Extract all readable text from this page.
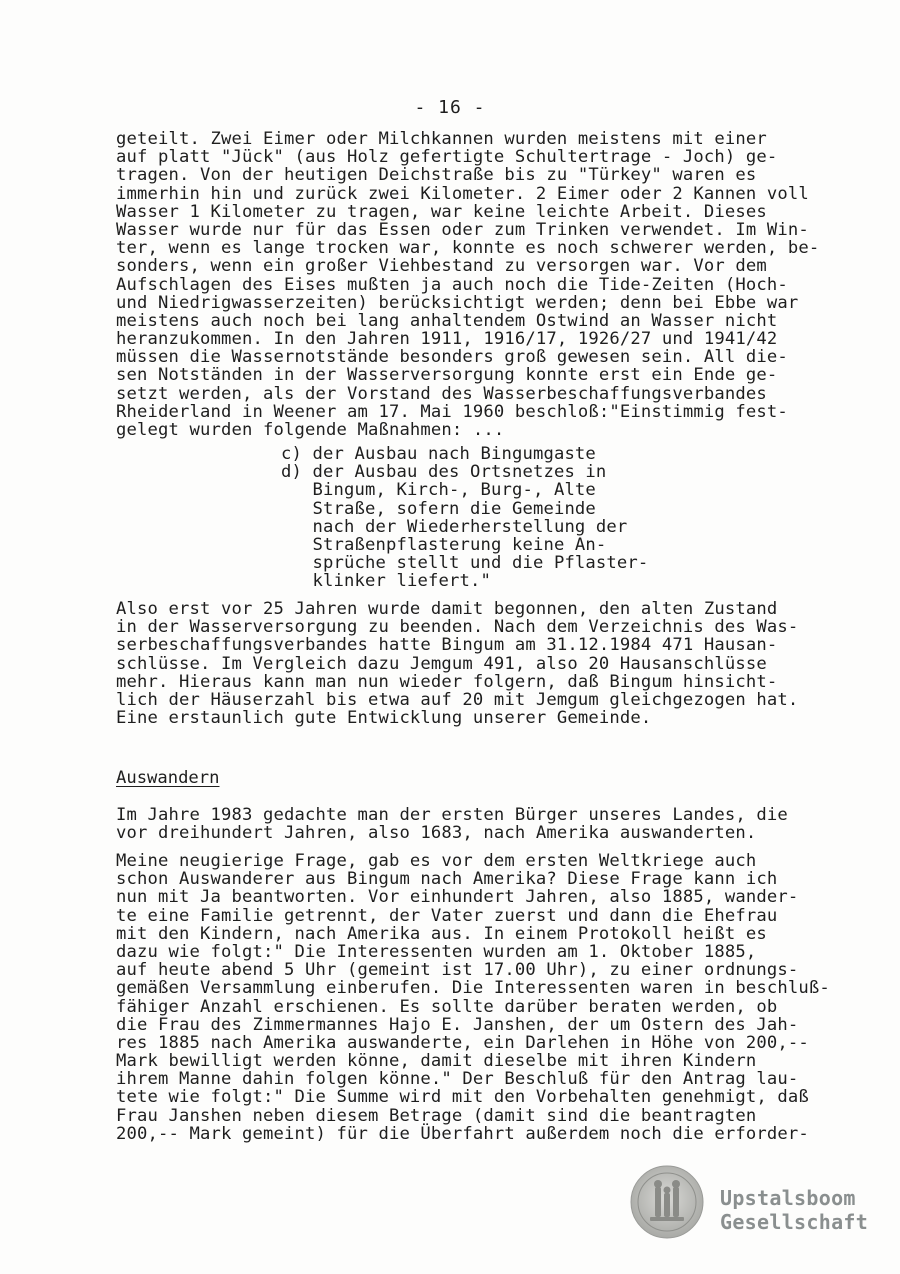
- 16 -
geteilt. Zwei Eimer oder Milchkannen wurden meistens mit einer
auf platt "Jück" (aus Holz gefertigte Schultertrage - Joch) ge-
tragen. Von der heutigen Deichstraße bis zu "Türkey" waren es
immerhin hin und zurück zwei Kilometer. 2 Eimer oder 2 Kannen voll
Wasser 1 Kilometer zu tragen, war keine leichte Arbeit. Dieses
Wasser wurde nur für das Essen oder zum Trinken verwendet. Im Win-
ter, wenn es lange trocken war, konnte es noch schwerer werden, be-
sonders, wenn ein großer Viehbestand zu versorgen war. Vor dem
Aufschlagen des Eises mußten ja auch noch die Tide-Zeiten (Hoch-
und Niedrigwasserzeiten) berücksichtigt werden; denn bei Ebbe war
meistens auch noch bei lang anhaltendem Ostwind an Wasser nicht
heranzukommen. In den Jahren 1911, 1916/17, 1926/27 und 1941/42
müssen die Wassernotstände besonders groß gewesen sein. All die-
sen Notständen in der Wasserversorgung konnte erst ein Ende ge-
setzt werden, als der Vorstand des Wasserbeschaffungsverbandes
Rheiderland in Weener am 17. Mai 1960 beschloß:"Einstimmig fest-
gelegt wurden folgende Maßnahmen: ...
c) der Ausbau nach Bingumgaste
d) der Ausbau des Ortsnetzes in
Bingum, Kirch-, Burg-, Alte
Straße, sofern die Gemeinde
nach der Wiederherstellung der
Straßenpflasterung keine An-
sprüche stellt und die Pflaster-
klinker liefert."
Also erst vor 25 Jahren wurde damit begonnen, den alten Zustand
in der Wasserversorgung zu beenden. Nach dem Verzeichnis des Was-
serbeschaffungsverbandes hatte Bingum am 31.12.1984 471 Hausan-
schlüsse. Im Vergleich dazu Jemgum 491, also 20 Hausanschlüsse
mehr. Hieraus kann man nun wieder folgern, daß Bingum hinsicht-
lich der Häuserzahl bis etwa auf 20 mit Jemgum gleichgezogen hat.
Eine erstaunlich gute Entwicklung unserer Gemeinde.
Auswandern
Im Jahre 1983 gedachte man der ersten Bürger unseres Landes, die
vor dreihundert Jahren, also 1683, nach Amerika auswanderten.
Meine neugierige Frage, gab es vor dem ersten Weltkriege auch
schon Auswanderer aus Bingum nach Amerika? Diese Frage kann ich
nun mit Ja beantworten. Vor einhundert Jahren, also 1885, wander-
te eine Familie getrennt, der Vater zuerst und dann die Ehefrau
mit den Kindern, nach Amerika aus. In einem Protokoll heißt es
dazu wie folgt:" Die Interessenten wurden am 1. Oktober 1885,
auf heute abend 5 Uhr (gemeint ist 17.00 Uhr), zu einer ordnungs-
gemäßen Versammlung einberufen. Die Interessenten waren in beschluß-
fähiger Anzahl erschienen. Es sollte darüber beraten werden, ob
die Frau des Zimmermannes Hajo E. Janshen, der um Ostern des Jah-
res 1885 nach Amerika auswanderte, ein Darlehen in Höhe von 200,--
Mark bewilligt werden könne, damit dieselbe mit ihren Kindern
ihrem Manne dahin folgen könne." Der Beschluß für den Antrag lau-
tete wie folgt:" Die Summe wird mit den Vorbehalten genehmigt, daß
Frau Janshen neben diesem Betrage (damit sind die beantragten
200,-- Mark gemeint) für die Überfahrt außerdem noch die erforder-
Upstalsboom
Gesellschaft
